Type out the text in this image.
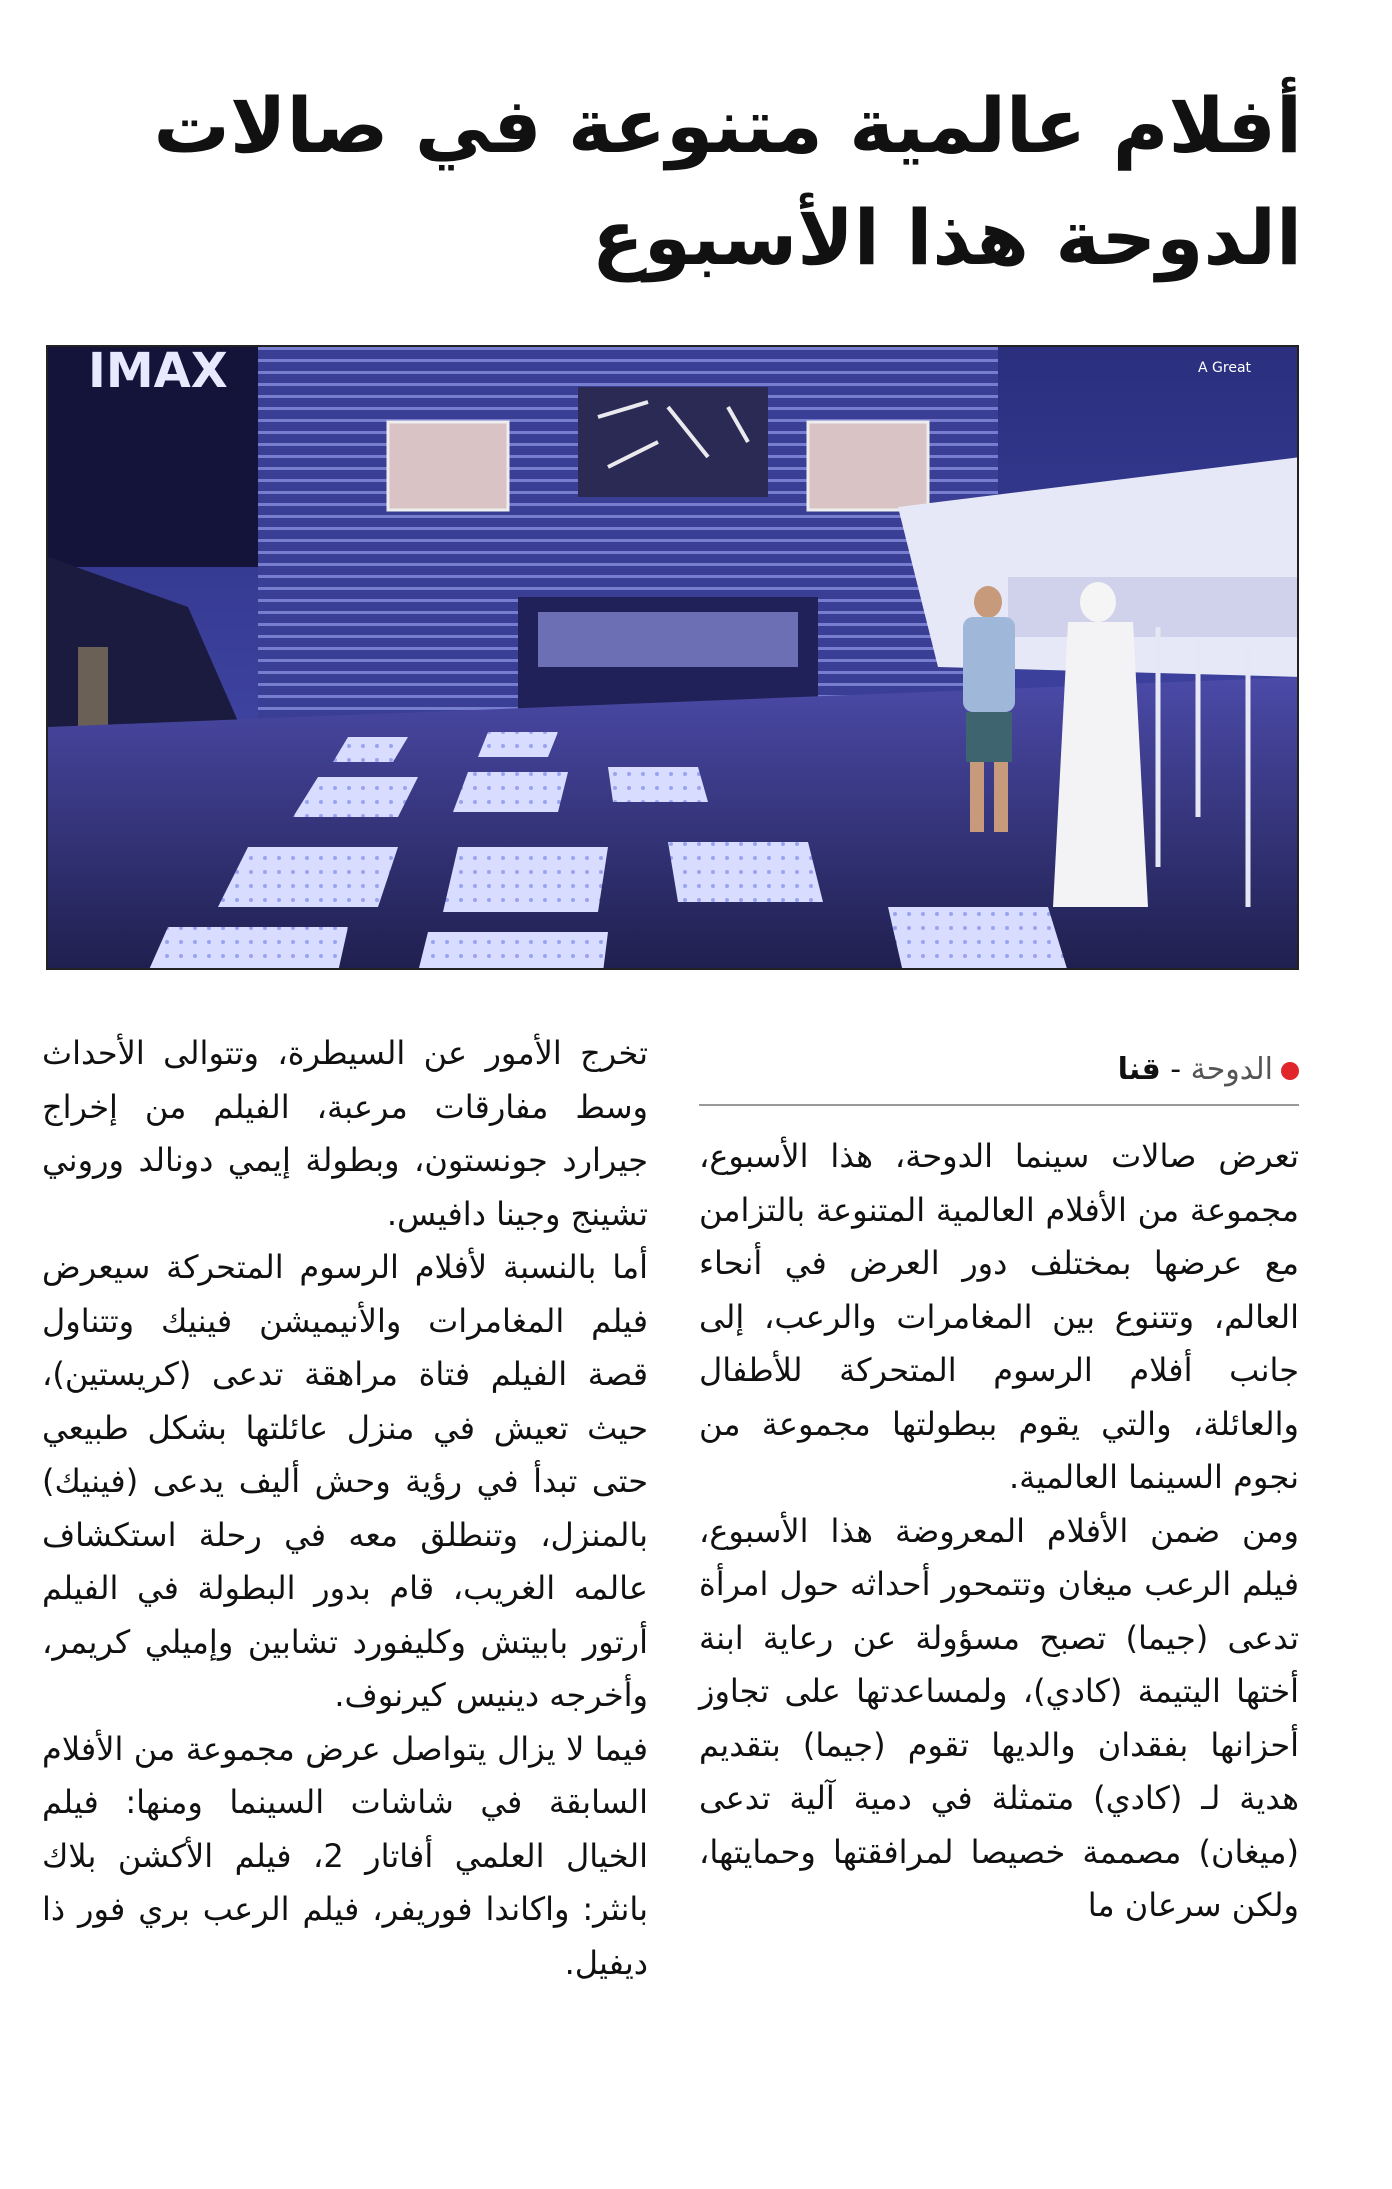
أفلام عالمية متنوعة في صالات
الدوحة هذا الأسبوع
IMAX	A Great
الدوحة - قنا

تعرض صالات سينما الدوحة، هذا الأسبوع، مجموعة من الأفلام العالمية المتنوعة بالتزامن مع عرضها بمختلف دور العرض في أنحاء العالم، وتتنوع بين المغامرات والرعب، إلى جانب أفلام الرسوم المتحركة للأطفال والعائلة، والتي يقوم ببطولتها مجموعة من نجوم السينما العالمية.

ومن ضمن الأفلام المعروضة هذا الأسبوع، فيلم الرعب ميغان وتتمحور أحداثه حول امرأة تدعى (جيما) تصبح مسؤولة عن رعاية ابنة أختها اليتيمة (كادي)، ولمساعدتها على تجاوز أحزانها بفقدان والديها تقوم (جيما) بتقديم هدية لـ (كادي) متمثلة في دمية آلية تدعى (ميغان) مصممة خصيصا لمرافقتها وحمايتها، ولكن سرعان ما

تخرج الأمور عن السيطرة، وتتوالى الأحداث وسط مفارقات مرعبة، الفيلم من إخراج جيرارد جونستون، وبطولة إيمي دونالد وروني تشينج وجينا دافيس.

أما بالنسبة لأفلام الرسوم المتحركة سيعرض فيلم المغامرات والأنيميشن فينيك وتتناول قصة الفيلم فتاة مراهقة تدعى (كريستين)، حيث تعيش في منزل عائلتها بشكل طبيعي حتى تبدأ في رؤية وحش أليف يدعى (فينيك) بالمنزل، وتنطلق معه في رحلة استكشاف عالمه الغريب، قام بدور البطولة في الفيلم أرتور بابيتش وكليفورد تشابين وإميلي كريمر، وأخرجه دينيس كيرنوف.

فيما لا يزال يتواصل عرض مجموعة من الأفلام السابقة في شاشات السينما ومنها: فيلم الخيال العلمي أفاتار 2، فيلم الأكشن بلاك بانثر: واكاندا فوريفر، فيلم الرعب بري فور ذا ديفيل.
